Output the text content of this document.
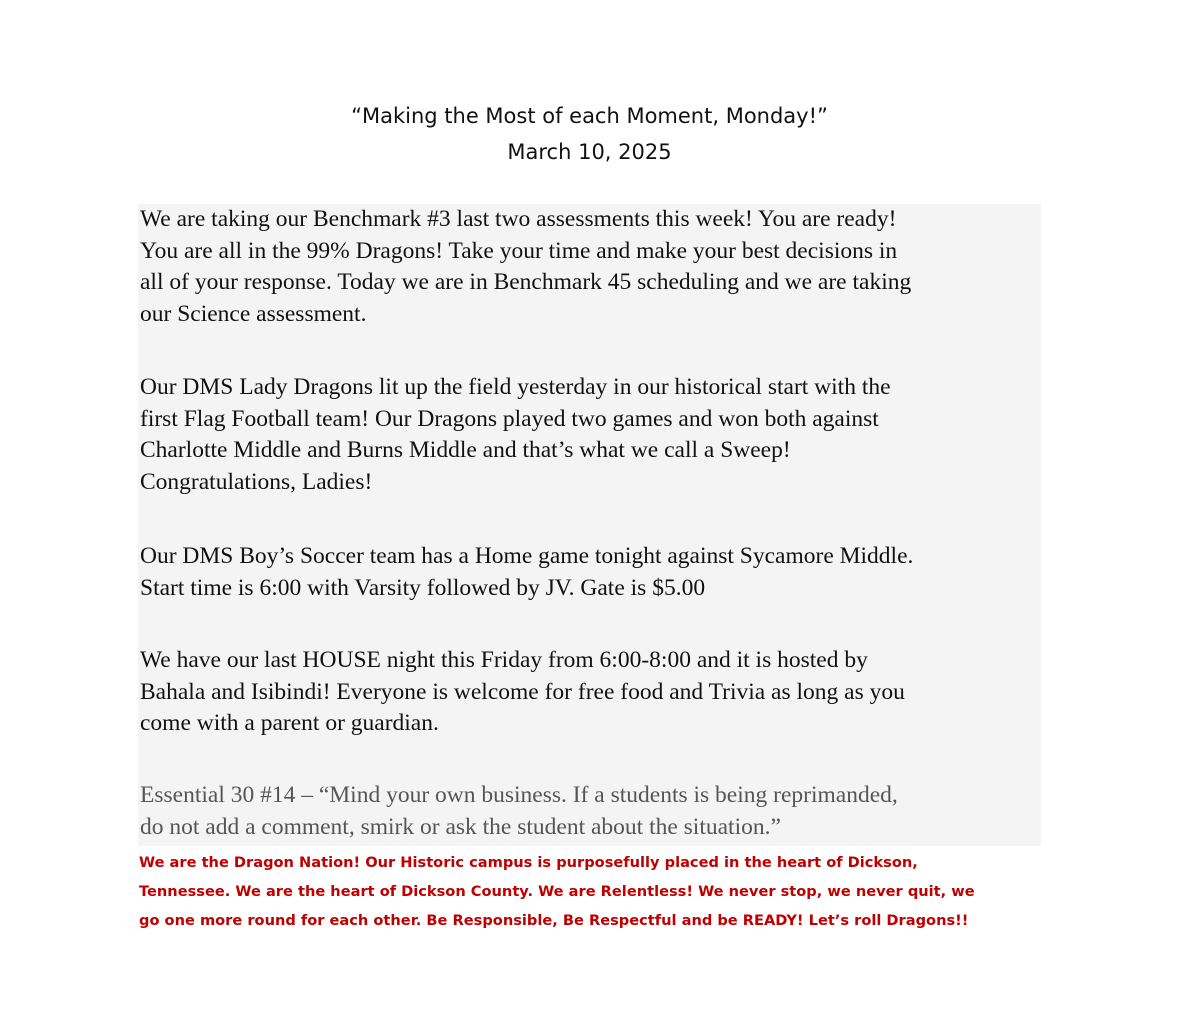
“Making the Most of each Moment, Monday!”
March 10, 2025
We are taking our Benchmark #3 last two assessments this week! You are ready!
You are all in the 99% Dragons! Take your time and make your best decisions in
all of your response. Today we are in Benchmark 45 scheduling and we are taking
our Science assessment.
Our DMS Lady Dragons lit up the field yesterday in our historical start with the
first Flag Football team! Our Dragons played two games and won both against
Charlotte Middle and Burns Middle and that’s what we call a Sweep!
Congratulations, Ladies!
Our DMS Boy’s Soccer team has a Home game tonight against Sycamore Middle.
Start time is 6:00 with Varsity followed by JV. Gate is $5.00
We have our last HOUSE night this Friday from 6:00-8:00 and it is hosted by
Bahala and Isibindi! Everyone is welcome for free food and Trivia as long as you
come with a parent or guardian.
Essential 30 #14 – “Mind your own business. If a students is being reprimanded,
do not add a comment, smirk or ask the student about the situation.”
We are the Dragon Nation! Our Historic campus is purposefully placed in the heart of Dickson,
Tennessee. We are the heart of Dickson County. We are Relentless! We never stop, we never quit, we
go one more round for each other. Be Responsible, Be Respectful and be READY! Let’s roll Dragons!!
